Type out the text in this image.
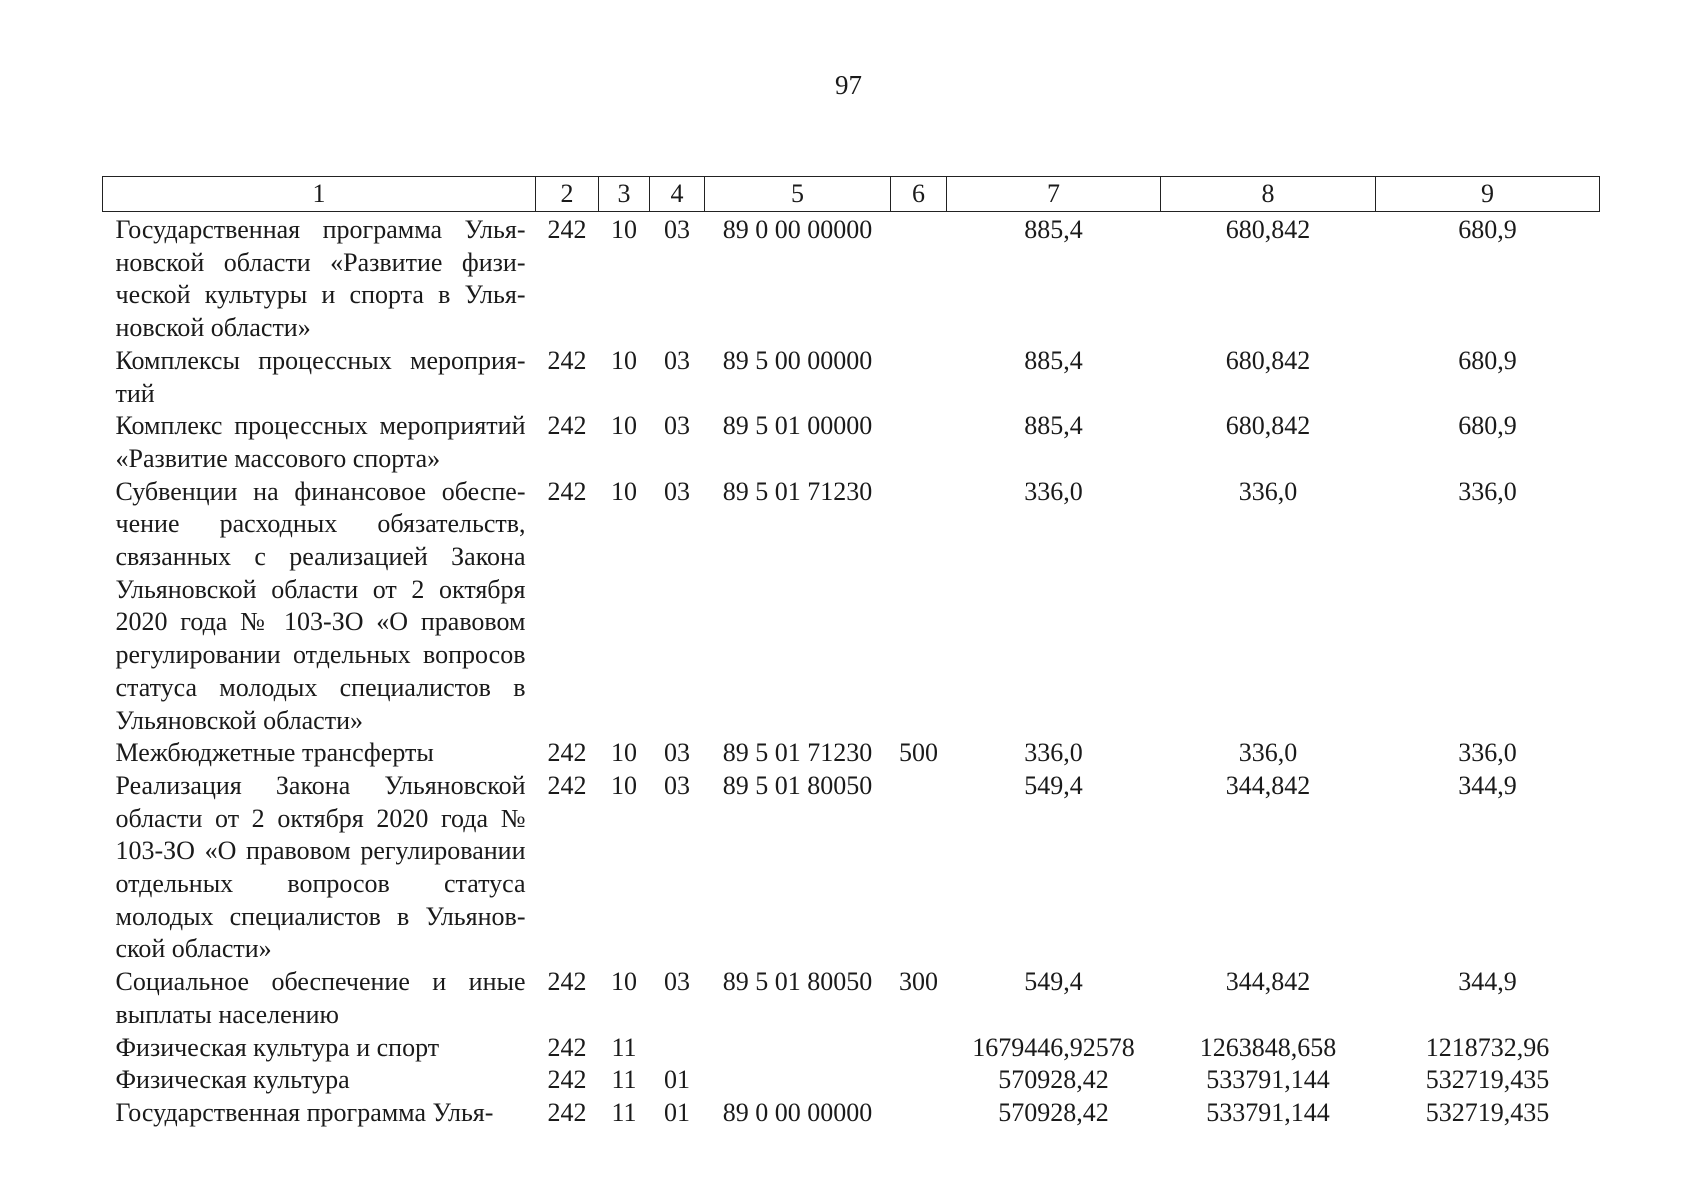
97
1	2	3	4	5	6	7	8	9
Государственная программа Ульяновской области «Развитие физической культуры и спорта в Ульяновской области»	242	10	03	89 0 00 00000		885,4	680,842	680,9
Комплексы процессных мероприятий	242	10	03	89 5 00 00000		885,4	680,842	680,9
Комплекс процессных мероприятий «Развитие массового спорта»	242	10	03	89 5 01 00000		885,4	680,842	680,9
Субвенции на финансовое обеспечение расходных обязательств, связанных с реализацией Закона Ульяновской области от 2 октября 2020 года № 103-ЗО «О правовом регулировании отдельных вопросов статуса молодых специалистов в Ульяновской области»	242	10	03	89 5 01 71230		336,0	336,0	336,0
Межбюджетные трансферты	242	10	03	89 5 01 71230	500	336,0	336,0	336,0
Реализация Закона Ульяновской области от 2 октября 2020 года № 103-ЗО «О правовом регулировании отдельных вопросов статуса молодых специалистов в Ульяновской области»	242	10	03	89 5 01 80050		549,4	344,842	344,9
Социальное обеспечение и иные выплаты населению	242	10	03	89 5 01 80050	300	549,4	344,842	344,9
Физическая культура и спорт	242	11				1679446,92578	1263848,658	1218732,96
Физическая культура	242	11	01			570928,42	533791,144	532719,435
Государственная программа Улья-	242	11	01	89 0 00 00000		570928,42	533791,144	532719,435
